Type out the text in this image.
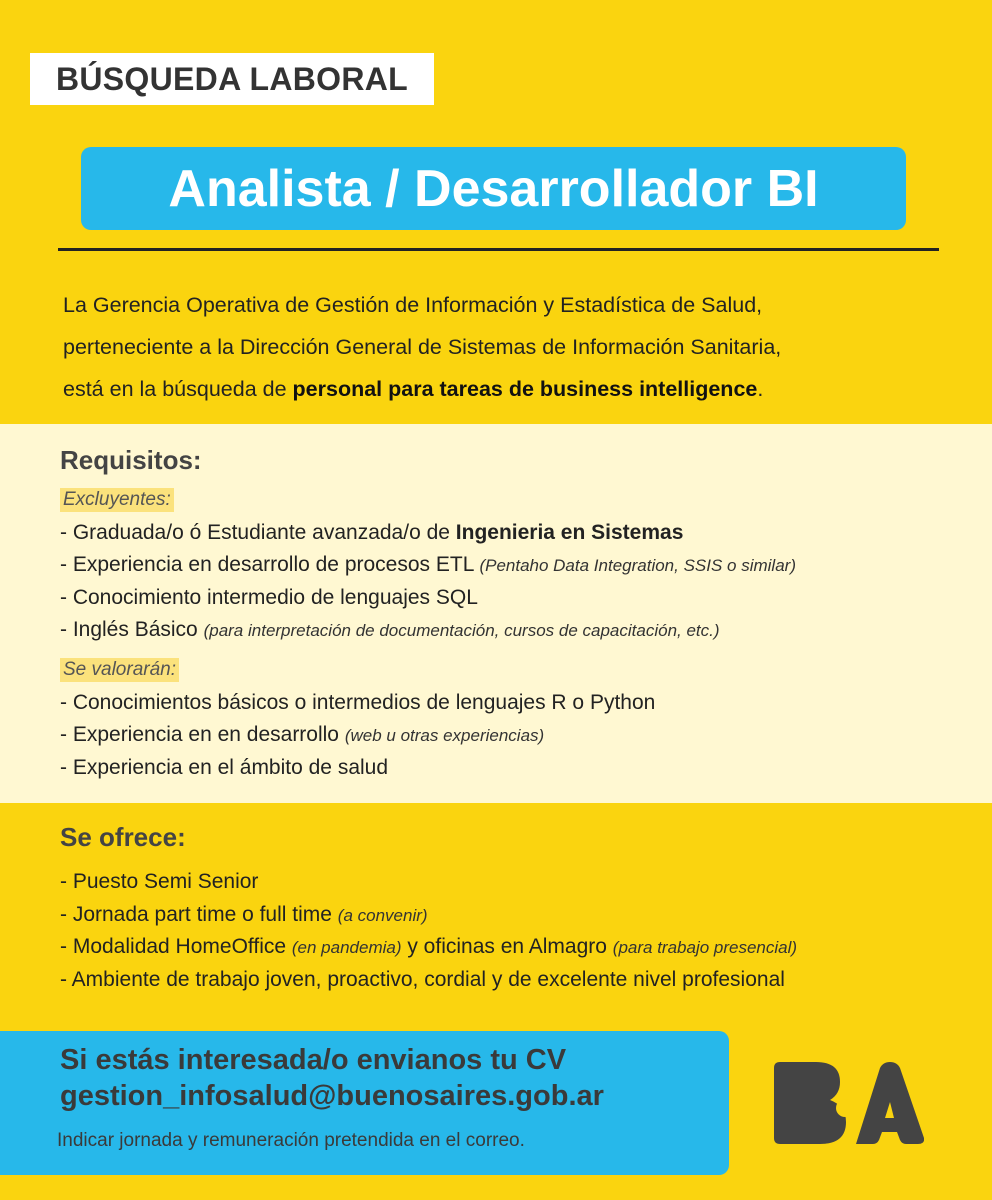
BÚSQUEDA LABORAL
Analista / Desarrollador BI
La Gerencia Operativa de Gestión de Información y Estadística de Salud,
perteneciente a la Dirección General de Sistemas de Información Sanitaria,
está en la búsqueda de personal para tareas de business intelligence.
Requisitos:
Excluyentes:
- Graduada/o ó Estudiante avanzada/o de Ingenieria en Sistemas
- Experiencia en desarrollo de procesos ETL (Pentaho Data Integration, SSIS o similar)
- Conocimiento intermedio de lenguajes SQL
- Inglés Básico (para interpretación de documentación, cursos de capacitación, etc.)
Se valorarán:
- Conocimientos básicos o intermedios de lenguajes R o Python
- Experiencia en en desarrollo (web u otras experiencias)
- Experiencia en el ámbito de salud
Se ofrece:
- Puesto Semi Senior
- Jornada part time o full time (a convenir)
- Modalidad HomeOffice (en pandemia) y oficinas en Almagro (para trabajo presencial)
- Ambiente de trabajo joven, proactivo, cordial y de excelente nivel profesional
Si estás interesada/o envianos tu CV
gestion_infosalud@buenosaires.gob.ar
Indicar jornada y remuneración pretendida en el correo.
